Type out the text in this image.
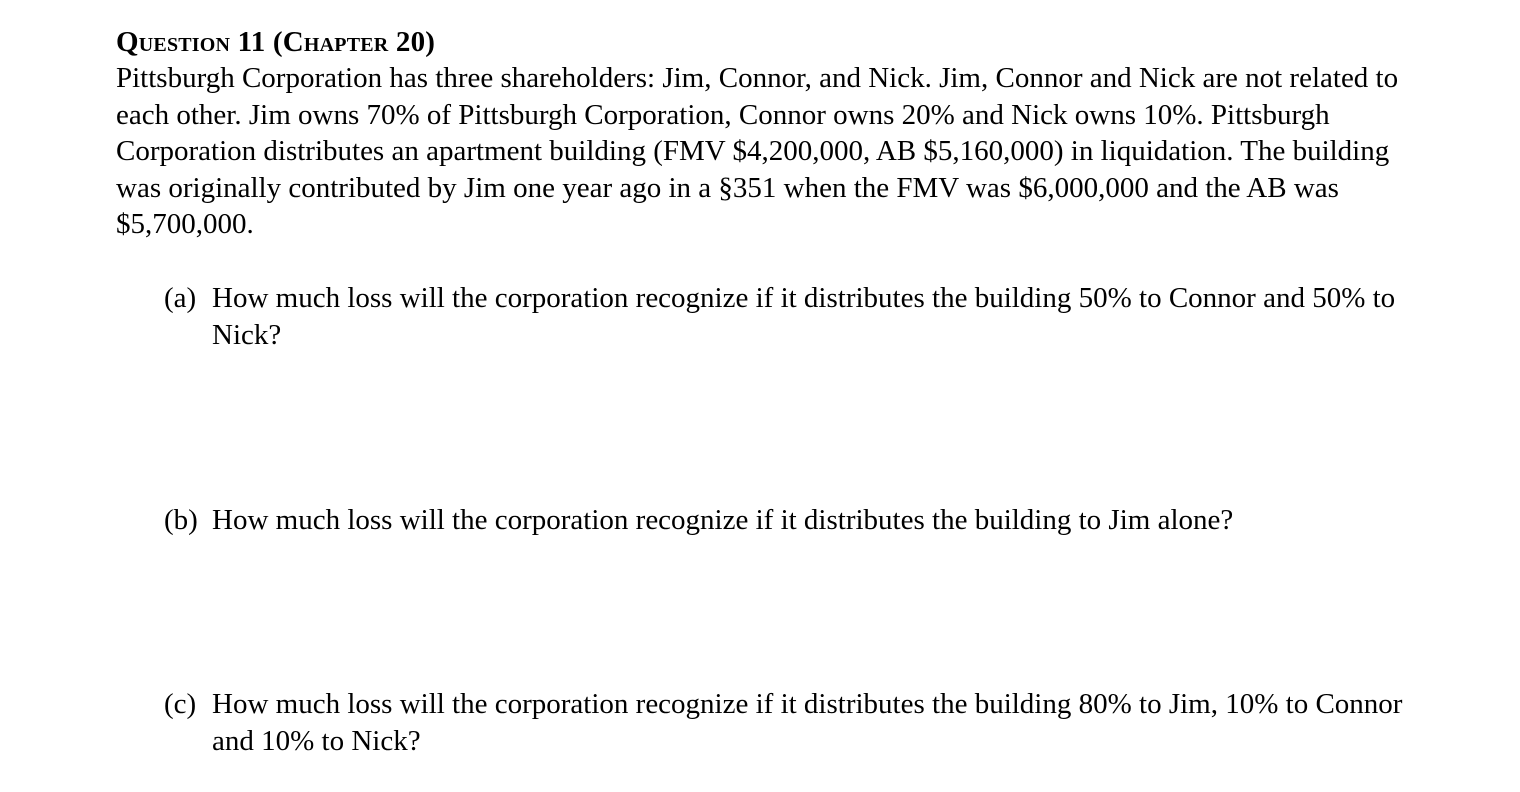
Question 11 (Chapter 20)

Pittsburgh Corporation has three shareholders: Jim, Connor, and Nick. Jim, Connor and Nick are not related to each other. Jim owns 70% of Pittsburgh Corporation, Connor owns 20% and Nick owns 10%. Pittsburgh Corporation distributes an apartment building (FMV $4,200,000, AB $5,160,000) in liquidation. The building was originally contributed by Jim one year ago in a §351 when the FMV was $6,000,000 and the AB was $5,700,000.

(a) How much loss will the corporation recognize if it distributes the building 50% to Connor and 50% to Nick?
(b) How much loss will the corporation recognize if it distributes the building to Jim alone?
(c) How much loss will the corporation recognize if it distributes the building 80% to Jim, 10% to Connor and 10% to Nick?
